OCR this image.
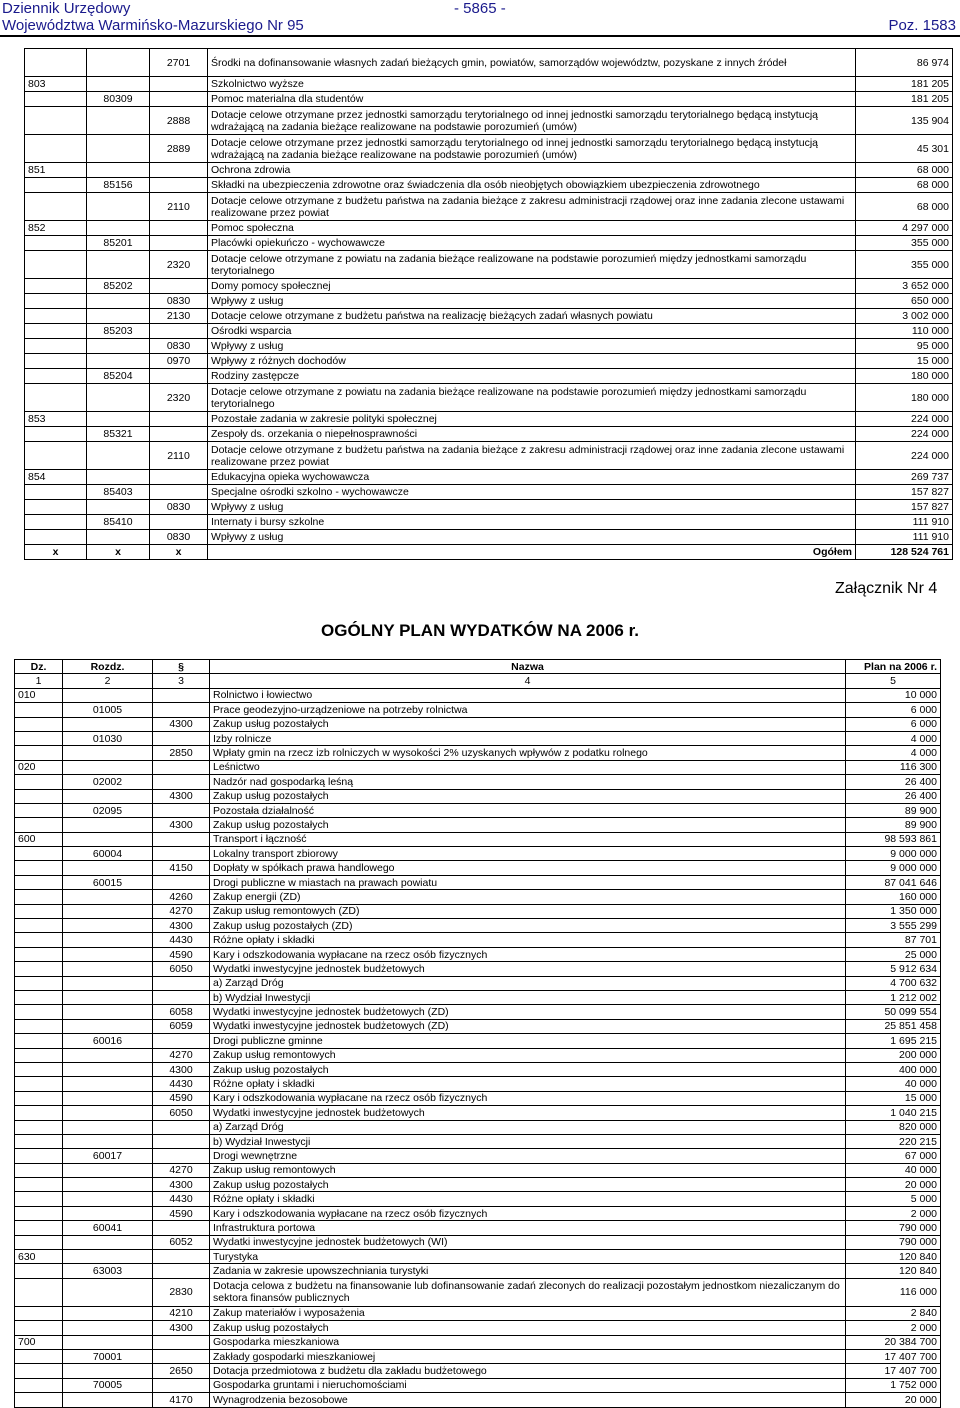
Dziennik Urzędowy	- 5865 -
Województwa Warmińsko-Mazurskiego Nr 95	Poz. 1583
		2701	Środki na dofinansowanie własnych zadań bieżących gmin, powiatów, samorządów województw, pozyskane z innych źródeł	86 974
803			Szkolnictwo wyższe	181 205
	80309		Pomoc materialna dla studentów	181 205
		2888	Dotacje celowe otrzymane przez jednostki samorządu terytorialnego od innej jednostki samorządu terytorialnego będącą instytucją wdrażającą na zadania bieżące realizowane na podstawie porozumień (umów)	135 904
		2889	Dotacje celowe otrzymane przez jednostki samorządu terytorialnego od innej jednostki samorządu terytorialnego będącą instytucją wdrażającą na zadania bieżące realizowane na podstawie porozumień (umów)	45 301
851			Ochrona zdrowia	68 000
	85156		Składki na ubezpieczenia zdrowotne oraz świadczenia dla osób nieobjętych obowiązkiem ubezpieczenia zdrowotnego	68 000
		2110	Dotacje celowe otrzymane z budżetu państwa na zadania bieżące z zakresu administracji rządowej oraz inne zadania zlecone ustawami realizowane przez powiat	68 000
852			Pomoc społeczna	4 297 000
	85201		Placówki opiekuńczo - wychowawcze	355 000
		2320	Dotacje celowe otrzymane z powiatu na zadania bieżące realizowane na podstawie porozumień między jednostkami samorządu terytorialnego	355 000
	85202		Domy pomocy społecznej	3 652 000
		0830	Wpływy z usług	650 000
		2130	Dotacje celowe otrzymane z budżetu państwa na realizację bieżących zadań własnych powiatu	3 002 000
	85203		Ośrodki wsparcia	110 000
		0830	Wpływy z usług	95 000
		0970	Wpływy z różnych dochodów	15 000
	85204		Rodziny zastępcze	180 000
		2320	Dotacje celowe otrzymane z powiatu na zadania bieżące realizowane na podstawie porozumień między jednostkami samorządu terytorialnego	180 000
853			Pozostałe zadania w zakresie polityki społecznej	224 000
	85321		Zespoły ds. orzekania o niepełnosprawności	224 000
		2110	Dotacje celowe otrzymane z budżetu państwa na zadania bieżące z zakresu administracji rządowej oraz inne zadania zlecone ustawami realizowane przez powiat	224 000
854			Edukacyjna opieka wychowawcza	269 737
	85403		Specjalne ośrodki szkolno - wychowawcze	157 827
		0830	Wpływy z usług	157 827
	85410		Internaty i bursy szkolne	111 910
		0830	Wpływy z usług	111 910
x	x	x	Ogółem	128 524 761
Załącznik Nr 4
OGÓLNY PLAN WYDATKÓW NA 2006 r.
Dz.	Rozdz.	§	Nazwa	Plan na 2006 r.
1	2	3	4	5
010			Rolnictwo i łowiectwo	10 000
	01005		Prace geodezyjno-urządzeniowe na potrzeby rolnictwa	6 000
		4300	Zakup usług pozostałych	6 000
	01030		Izby rolnicze	4 000
		2850	Wpłaty gmin na rzecz izb rolniczych w wysokości 2% uzyskanych wpływów z podatku rolnego	4 000
020			Leśnictwo	116 300
	02002		Nadzór nad gospodarką leśną	26 400
		4300	Zakup usług pozostałych	26 400
	02095		Pozostała działalność	89 900
		4300	Zakup usług pozostałych	89 900
600			Transport i łączność	98 593 861
	60004		Lokalny transport zbiorowy	9 000 000
		4150	Dopłaty w spółkach prawa handlowego	9 000 000
	60015		Drogi publiczne w miastach na prawach powiatu	87 041 646
		4260	Zakup energii (ZD)	160 000
		4270	Zakup usług remontowych (ZD)	1 350 000
		4300	Zakup usług pozostałych (ZD)	3 555 299
		4430	Różne opłaty i składki	87 701
		4590	Kary i odszkodowania wypłacane na rzecz osób fizycznych	25 000
		6050	Wydatki inwestycyjne jednostek budżetowych	5 912 634
			a) Zarząd Dróg	4 700 632
			b) Wydział Inwestycji	1 212 002
		6058	Wydatki inwestycyjne jednostek budżetowych (ZD)	50 099 554
		6059	Wydatki inwestycyjne jednostek budżetowych (ZD)	25 851 458
	60016		Drogi publiczne gminne	1 695 215
		4270	Zakup usług remontowych	200 000
		4300	Zakup usług pozostałych	400 000
		4430	Różne opłaty i składki	40 000
		4590	Kary i odszkodowania wypłacane na rzecz osób fizycznych	15 000
		6050	Wydatki inwestycyjne jednostek budżetowych	1 040 215
			a) Zarząd Dróg	820 000
			b) Wydział Inwestycji	220 215
	60017		Drogi wewnętrzne	67 000
		4270	Zakup usług remontowych	40 000
		4300	Zakup usług pozostałych	20 000
		4430	Różne opłaty i składki	5 000
		4590	Kary i odszkodowania wypłacane na rzecz osób fizycznych	2 000
	60041		Infrastruktura portowa	790 000
		6052	Wydatki inwestycyjne jednostek budżetowych (WI)	790 000
630			Turystyka	120 840
	63003		Zadania w zakresie upowszechniania turystyki	120 840
		2830	Dotacja celowa z budżetu na finansowanie lub dofinansowanie zadań zleconych do realizacji pozostałym jednostkom niezaliczanym do sektora finansów publicznych	116 000
		4210	Zakup materiałów i wyposażenia	2 840
		4300	Zakup usług pozostałych	2 000
700			Gospodarka mieszkaniowa	20 384 700
	70001		Zakłady gospodarki mieszkaniowej	17 407 700
		2650	Dotacja przedmiotowa z budżetu dla zakładu budżetowego	17 407 700
	70005		Gospodarka gruntami i nieruchomościami	1 752 000
		4170	Wynagrodzenia bezosobowe	20 000
